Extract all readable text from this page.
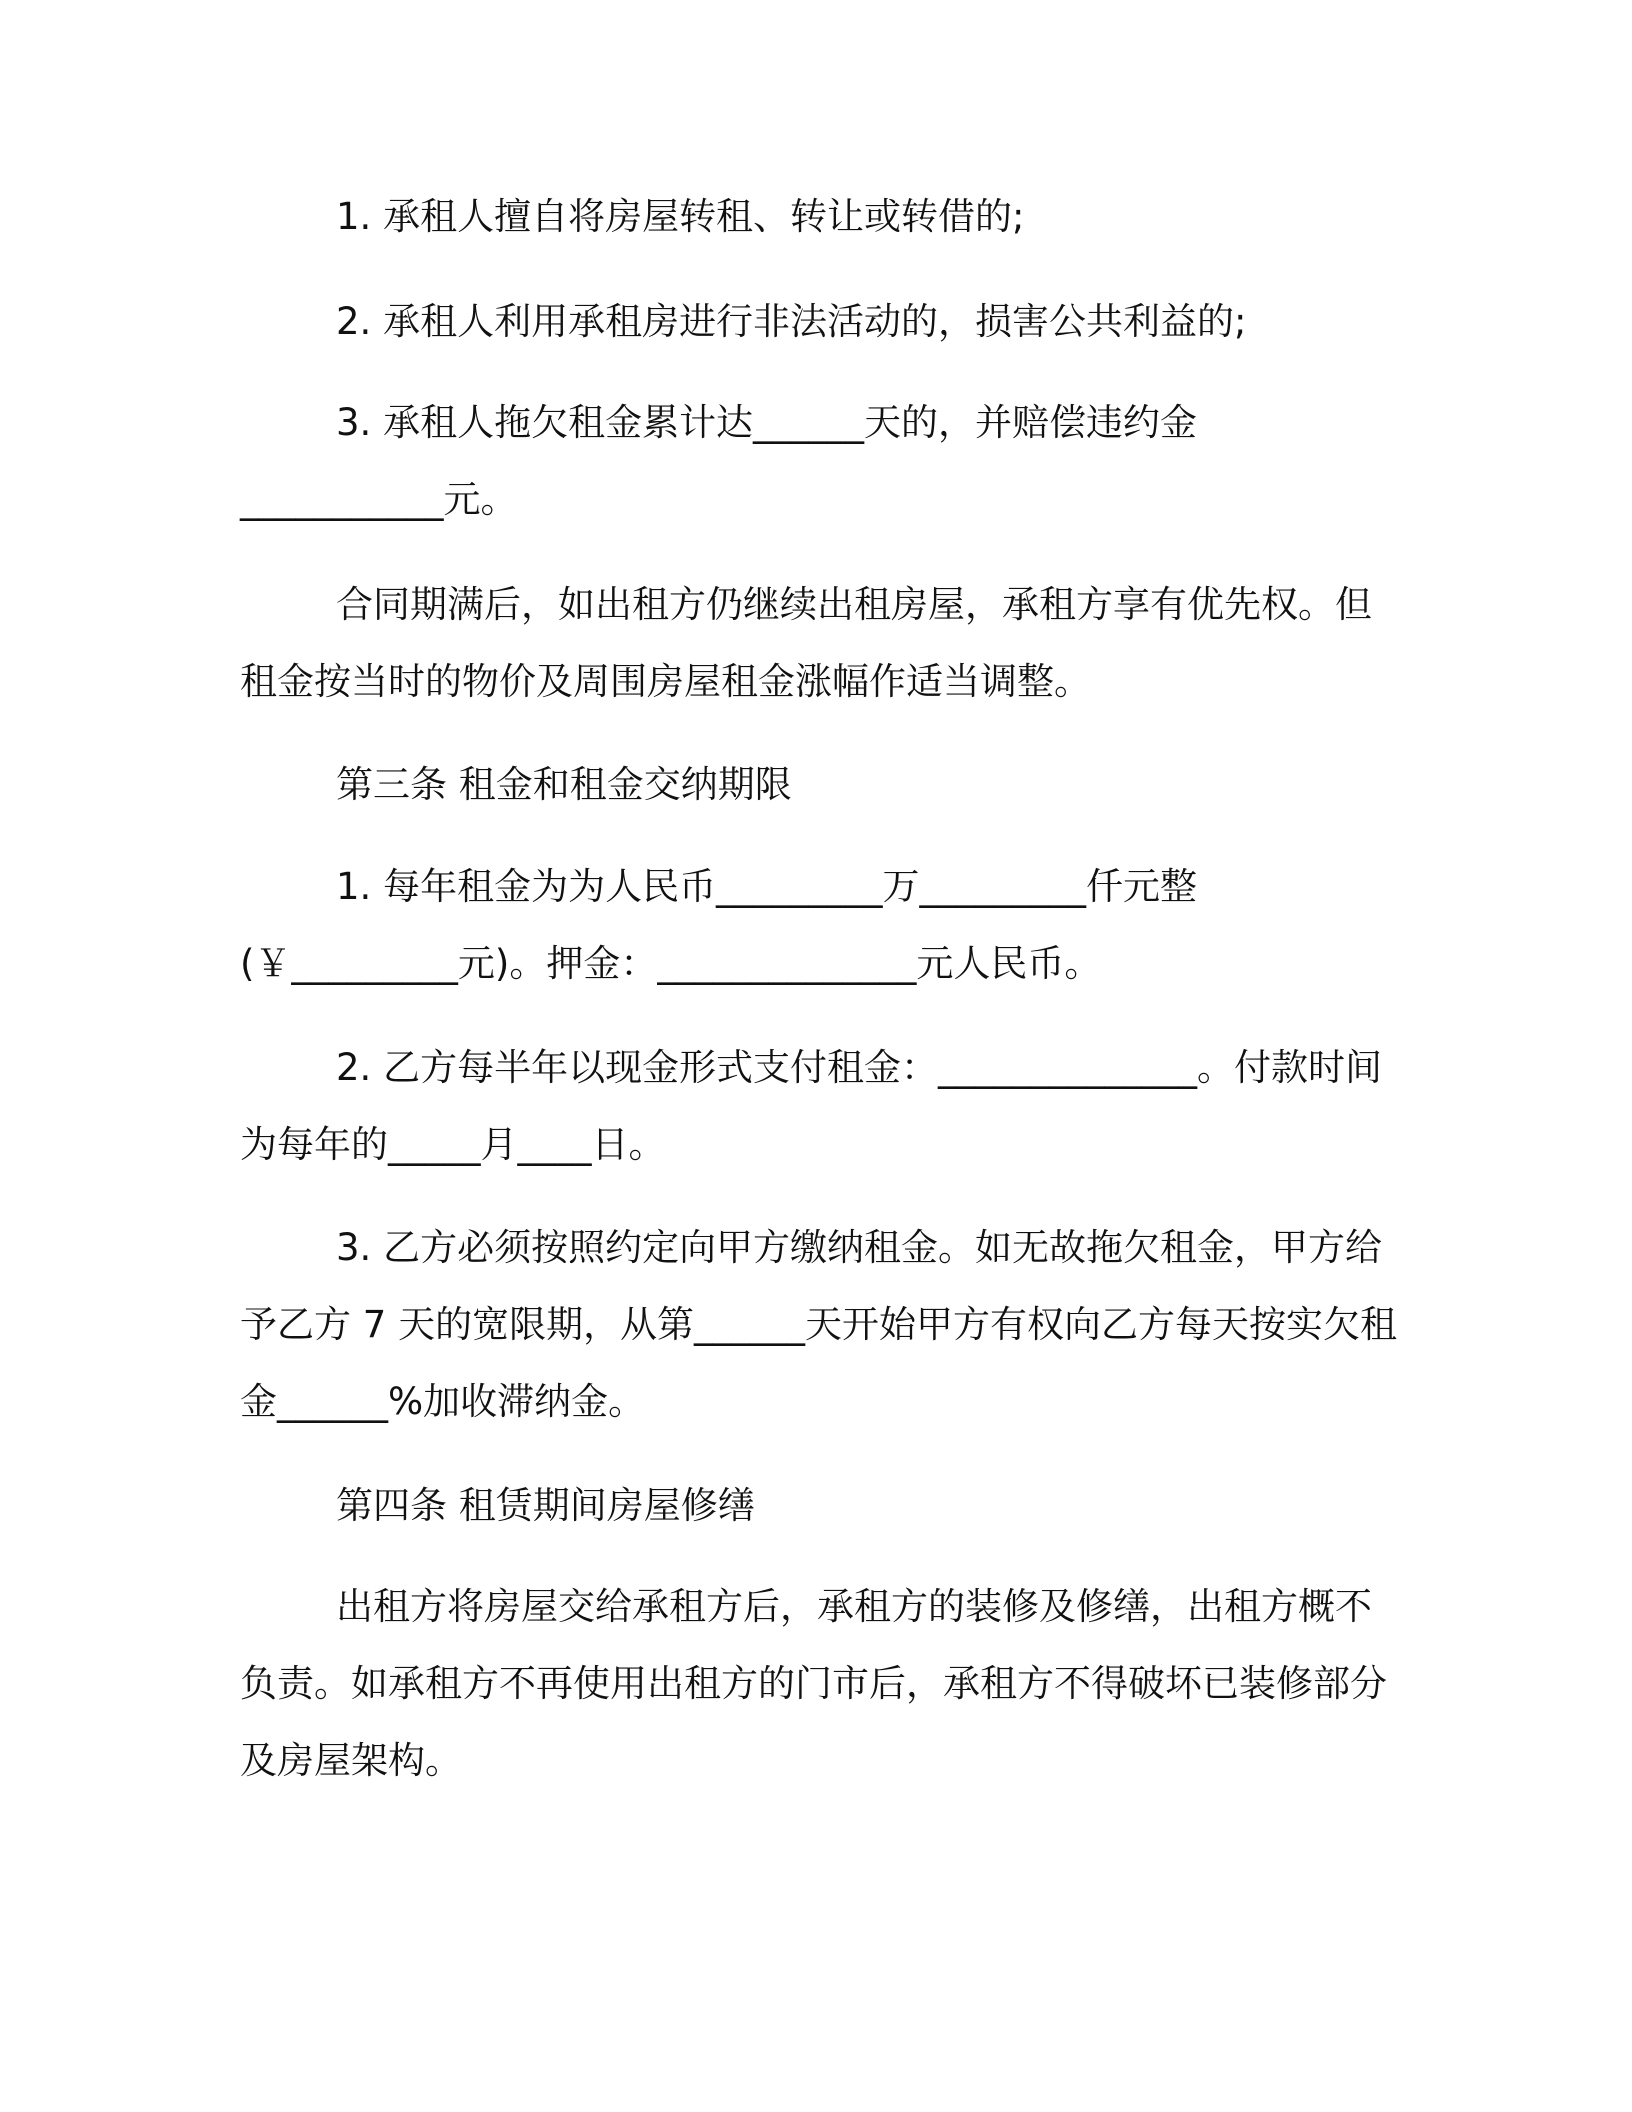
1. 承租人擅自将房屋转租、转让或转借的;

2. 承租人利用承租房进行非法活动的，损害公共利益的;

3. 承租人拖欠租金累计达______天的，并赔偿违约金___________元。

合同期满后，如出租方仍继续出租房屋，承租方享有优先权。但租金按当时的物价及周围房屋租金涨幅作适当调整。

第三条 租金和租金交纳期限

1. 每年租金为为人民币_________万_________仟元整(￥_________元)。押金：______________元人民币。

2. 乙方每半年以现金形式支付租金：______________。付款时间为每年的_____月____日。

3. 乙方必须按照约定向甲方缴纳租金。如无故拖欠租金，甲方给予乙方 7 天的宽限期，从第______天开始甲方有权向乙方每天按实欠租金______%加收滞纳金。

第四条 租赁期间房屋修缮

出租方将房屋交给承租方后，承租方的装修及修缮，出租方概不负责。如承租方不再使用出租方的门市后，承租方不得破坏已装修部分及房屋架构。
